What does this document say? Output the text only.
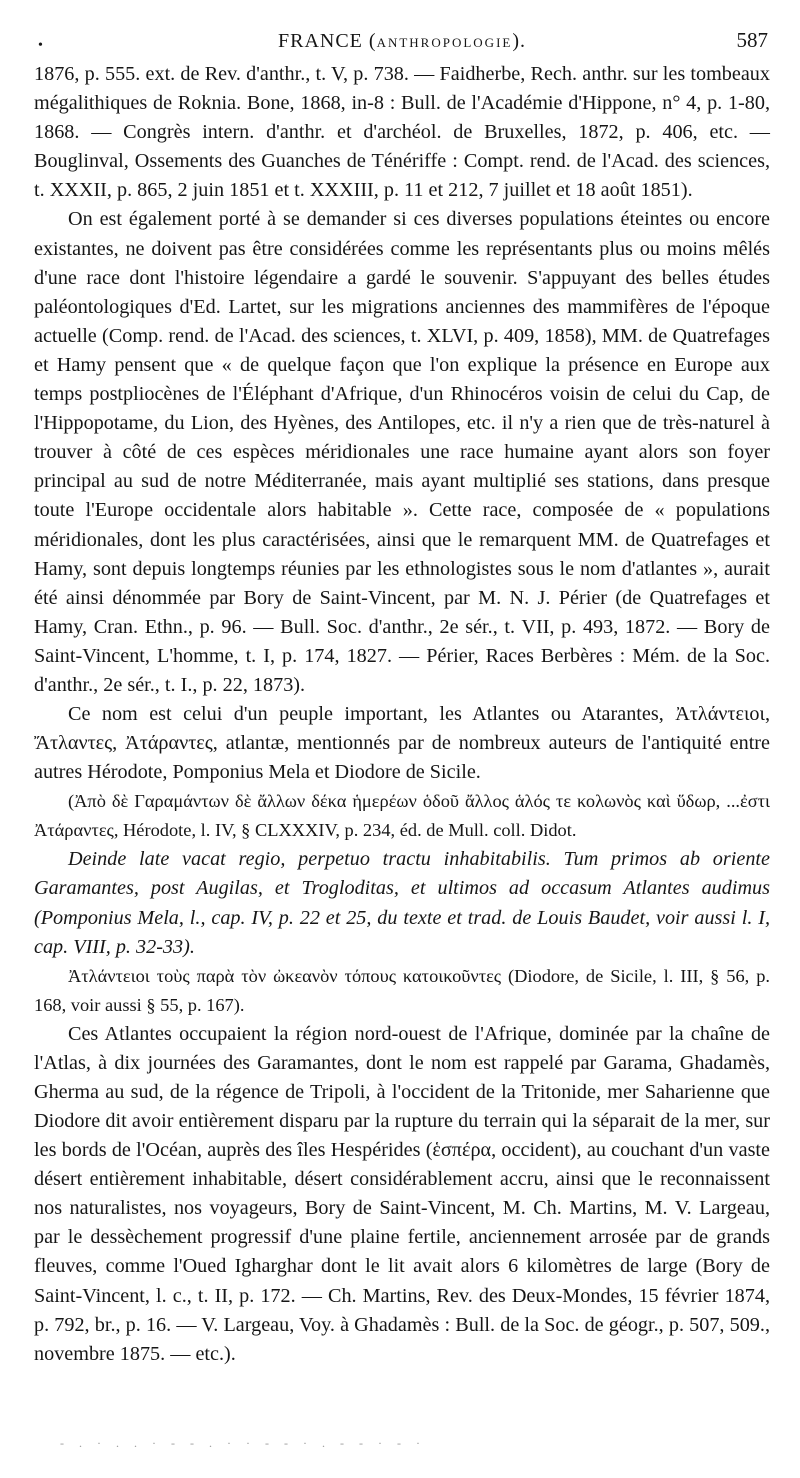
•	FRANCE (ANTHROPOLOGIE).	587

1876, p. 555. ext. de Rev. d'anthr., t. V, p. 738. — Faidherbe, Rech. anthr. sur les tombeaux mégalithiques de Roknia. Bone, 1868, in-8 : Bull. de l'Académie d'Hippone, n° 4, p. 1-80, 1868. — Congrès intern. d'anthr. et d'archéol. de Bruxelles, 1872, p. 406, etc. — Bouglinval, Ossements des Guanches de Ténériffe : Compt. rend. de l'Acad. des sciences, t. XXXII, p. 865, 2 juin 1851 et t. XXXIII, p. 11 et 212, 7 juillet et 18 août 1851).

On est également porté à se demander si ces diverses populations éteintes ou encore existantes, ne doivent pas être considérées comme les représentants plus ou moins mêlés d'une race dont l'histoire légendaire a gardé le souvenir. S'appuyant des belles études paléontologiques d'Ed. Lartet, sur les migrations anciennes des mammifères de l'époque actuelle (Comp. rend. de l'Acad. des sciences, t. XLVI, p. 409, 1858), MM. de Quatrefages et Hamy pensent que « de quelque façon que l'on explique la présence en Europe aux temps postpliocènes de l'Éléphant d'Afrique, d'un Rhinocéros voisin de celui du Cap, de l'Hippopotame, du Lion, des Hyènes, des Antilopes, etc. il n'y a rien que de très-naturel à trouver à côté de ces espèces méridionales une race humaine ayant alors son foyer principal au sud de notre Méditerranée, mais ayant multiplié ses stations, dans presque toute l'Europe occidentale alors habitable ». Cette race, composée de « populations méridionales, dont les plus caractérisées, ainsi que le remarquent MM. de Quatrefages et Hamy, sont depuis longtemps réunies par les ethnologistes sous le nom d'atlantes », aurait été ainsi dénommée par Bory de Saint-Vincent, par M. N. J. Périer (de Quatrefages et Hamy, Cran. Ethn., p. 96. — Bull. Soc. d'anthr., 2e sér., t. VII, p. 493, 1872. — Bory de Saint-Vincent, L'homme, t. I, p. 174, 1827. — Périer, Races Berbères : Mém. de la Soc. d'anthr., 2e sér., t. I., p. 22, 1873).

Ce nom est celui d'un peuple important, les Atlantes ou Atarantes, Ἀτλάντειοι, Ἄτλαντες, Ἀτάραντες, atlantæ, mentionnés par de nombreux auteurs de l'antiquité entre autres Hérodote, Pomponius Mela et Diodore de Sicile.

(Ἀπὸ δὲ Γαραμάντων δὲ ἄλλων δέκα ἡμερέων ὁδοῦ ἄλλος ἁλός τε κολωνὸς καὶ ὕδωρ, ...ἐστι Ἀτάραντες, Hérodote, l. IV, § CLXXXIV, p. 234, éd. de Mull. coll. Didot.

Deinde late vacat regio, perpetuo tractu inhabitabilis. Tum primos ab oriente Garamantes, post Augilas, et Trogloditas, et ultimos ad occasum Atlantes audimus (Pomponius Mela, l., cap. IV, p. 22 et 25, du texte et trad. de Louis Baudet, voir aussi l. I, cap. VIII, p. 32-33).

Ἀτλάντειοι τοὺς παρὰ τὸν ὠκεανὸν τόπους κατοικοῦντες (Diodore, de Sicile, l. III, § 56, p. 168, voir aussi § 55, p. 167).

Ces Atlantes occupaient la région nord-ouest de l'Afrique, dominée par la chaîne de l'Atlas, à dix journées des Garamantes, dont le nom est rappelé par Garama, Ghadamès, Gherma au sud, de la régence de Tripoli, à l'occident de la Tritonide, mer Saharienne que Diodore dit avoir entièrement disparu par la rupture du terrain qui la séparait de la mer, sur les bords de l'Océan, auprès des îles Hespérides (ἑσπέρα, occident), au couchant d'un vaste désert entièrement inhabitable, désert considérablement accru, ainsi que le reconnaissent nos naturalistes, nos voyageurs, Bory de Saint-Vincent, M. Ch. Martins, M. V. Largeau, par le dessèchement progressif d'une plaine fertile, anciennement arrosée par de grands fleuves, comme l'Oued Igharghar dont le lit avait alors 6 kilomètres de large (Bory de Saint-Vincent, l. c., t. II, p. 172. — Ch. Martins, Rev. des Deux-Mondes, 15 février 1874, p. 792, br., p. 16. — V. Largeau, Voy. à Ghadamès : Bull. de la Soc. de géogr., p. 507, 509., novembre 1875. — etc.).

- . · . . · - - . · · - - · . - - · - ·
